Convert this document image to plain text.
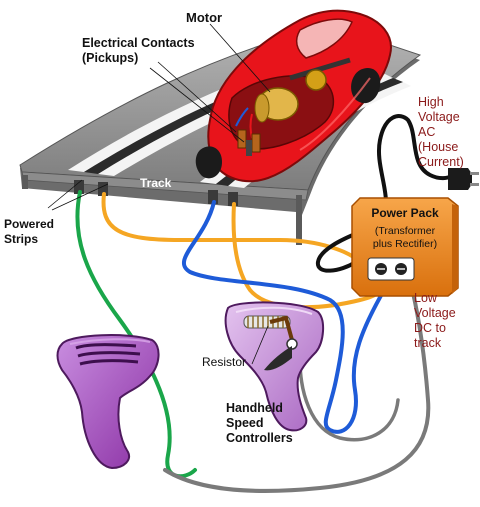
Power Pack
(Transformer
plus Rectifier)
Motor
Electrical Contacts
(Pickups)
Track
Powered
Strips
High
Voltage
AC
(House
Current)
Low
Voltage
DC to
track
Resistor
Handheld
Speed
Controllers
